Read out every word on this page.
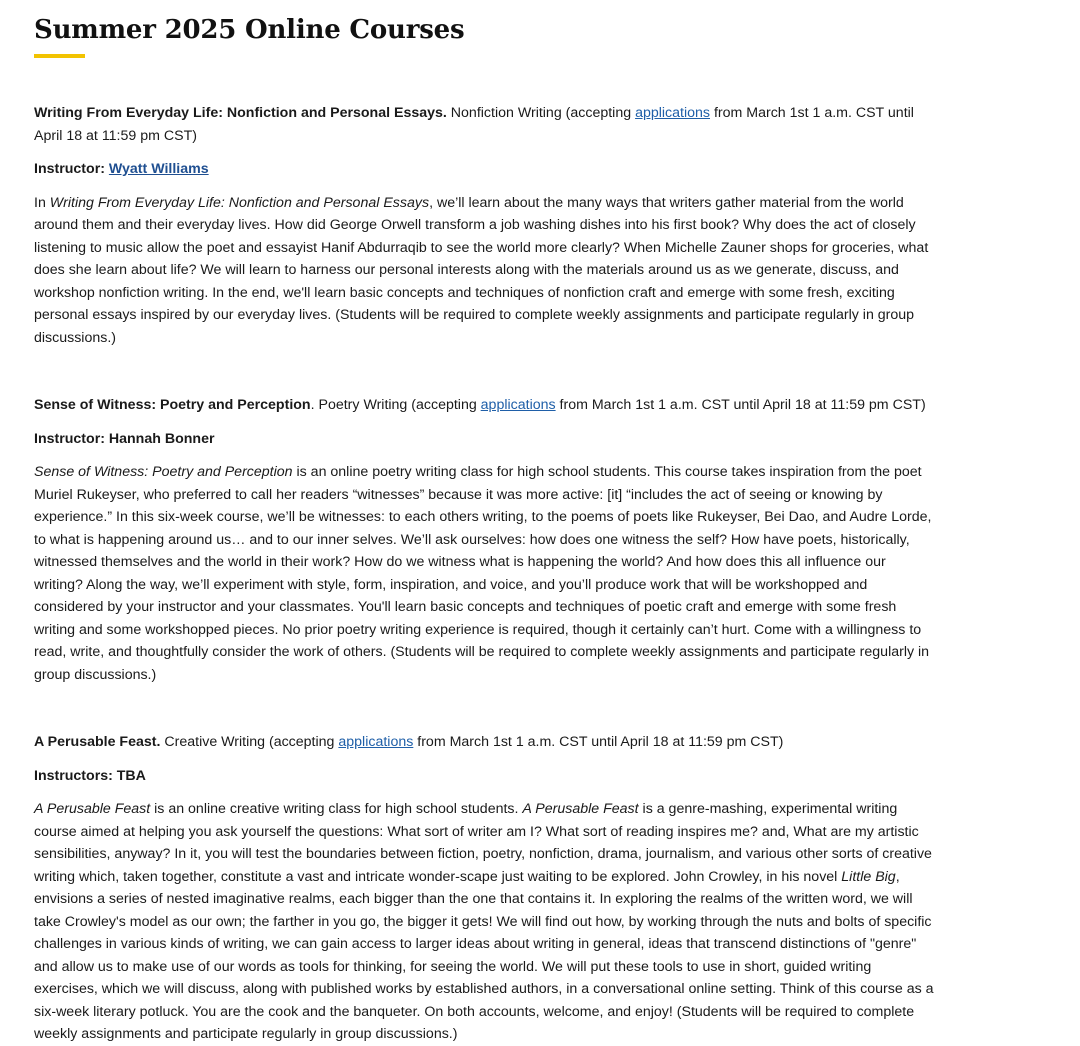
Summer 2025 Online Courses

Writing From Everyday Life: Nonfiction and Personal Essays. Nonfiction Writing (accepting applications from March 1st 1 a.m. CST until April 18 at 11:59 pm CST)

Instructor: Wyatt Williams

In Writing From Everyday Life: Nonfiction and Personal Essays, we’ll learn about the many ways that writers gather material from the world around them and their everyday lives. How did George Orwell transform a job washing dishes into his first book? Why does the act of closely listening to music allow the poet and essayist Hanif Abdurraqib to see the world more clearly? When Michelle Zauner shops for groceries, what does she learn about life? We will learn to harness our personal interests along with the materials around us as we generate, discuss, and workshop nonfiction writing. In the end, we'll learn basic concepts and techniques of nonfiction craft and emerge with some fresh, exciting personal essays inspired by our everyday lives. (Students will be required to complete weekly assignments and participate regularly in group discussions.)

Sense of Witness: Poetry and Perception. Poetry Writing (accepting applications from March 1st 1 a.m. CST until April 18 at 11:59 pm CST)

Instructor: Hannah Bonner

Sense of Witness: Poetry and Perception is an online poetry writing class for high school students. This course takes inspiration from the poet Muriel Rukeyser, who preferred to call her readers “witnesses” because it was more active: [it] “includes the act of seeing or knowing by experience.” In this six-week course, we’ll be witnesses: to each others writing, to the poems of poets like Rukeyser, Bei Dao, and Audre Lorde, to what is happening around us… and to our inner selves. We’ll ask ourselves: how does one witness the self? How have poets, historically, witnessed themselves and the world in their work? How do we witness what is happening the world? And how does this all influence our writing? Along the way, we’ll experiment with style, form, inspiration, and voice, and you’ll produce work that will be workshopped and considered by your instructor and your classmates. You'll learn basic concepts and techniques of poetic craft and emerge with some fresh writing and some workshopped pieces. No prior poetry writing experience is required, though it certainly can’t hurt. Come with a willingness to read, write, and thoughtfully consider the work of others. (Students will be required to complete weekly assignments and participate regularly in group discussions.)

A Perusable Feast. Creative Writing (accepting applications from March 1st 1 a.m. CST until April 18 at 11:59 pm CST)

Instructors: TBA

A Perusable Feast is an online creative writing class for high school students. A Perusable Feast is a genre-mashing, experimental writing course aimed at helping you ask yourself the questions: What sort of writer am I? What sort of reading inspires me? and, What are my artistic sensibilities, anyway? In it, you will test the boundaries between fiction, poetry, nonfiction, drama, journalism, and various other sorts of creative writing which, taken together, constitute a vast and intricate wonder-scape just waiting to be explored. John Crowley, in his novel Little Big, envisions a series of nested imaginative realms, each bigger than the one that contains it. In exploring the realms of the written word, we will take Crowley's model as our own; the farther in you go, the bigger it gets! We will find out how, by working through the nuts and bolts of specific challenges in various kinds of writing, we can gain access to larger ideas about writing in general, ideas that transcend distinctions of "genre" and allow us to make use of our words as tools for thinking, for seeing the world. We will put these tools to use in short, guided writing exercises, which we will discuss, along with published works by established authors, in a conversational online setting. Think of this course as a six-week literary potluck. You are the cook and the banqueter. On both accounts, welcome, and enjoy! (Students will be required to complete weekly assignments and participate regularly in group discussions.)
